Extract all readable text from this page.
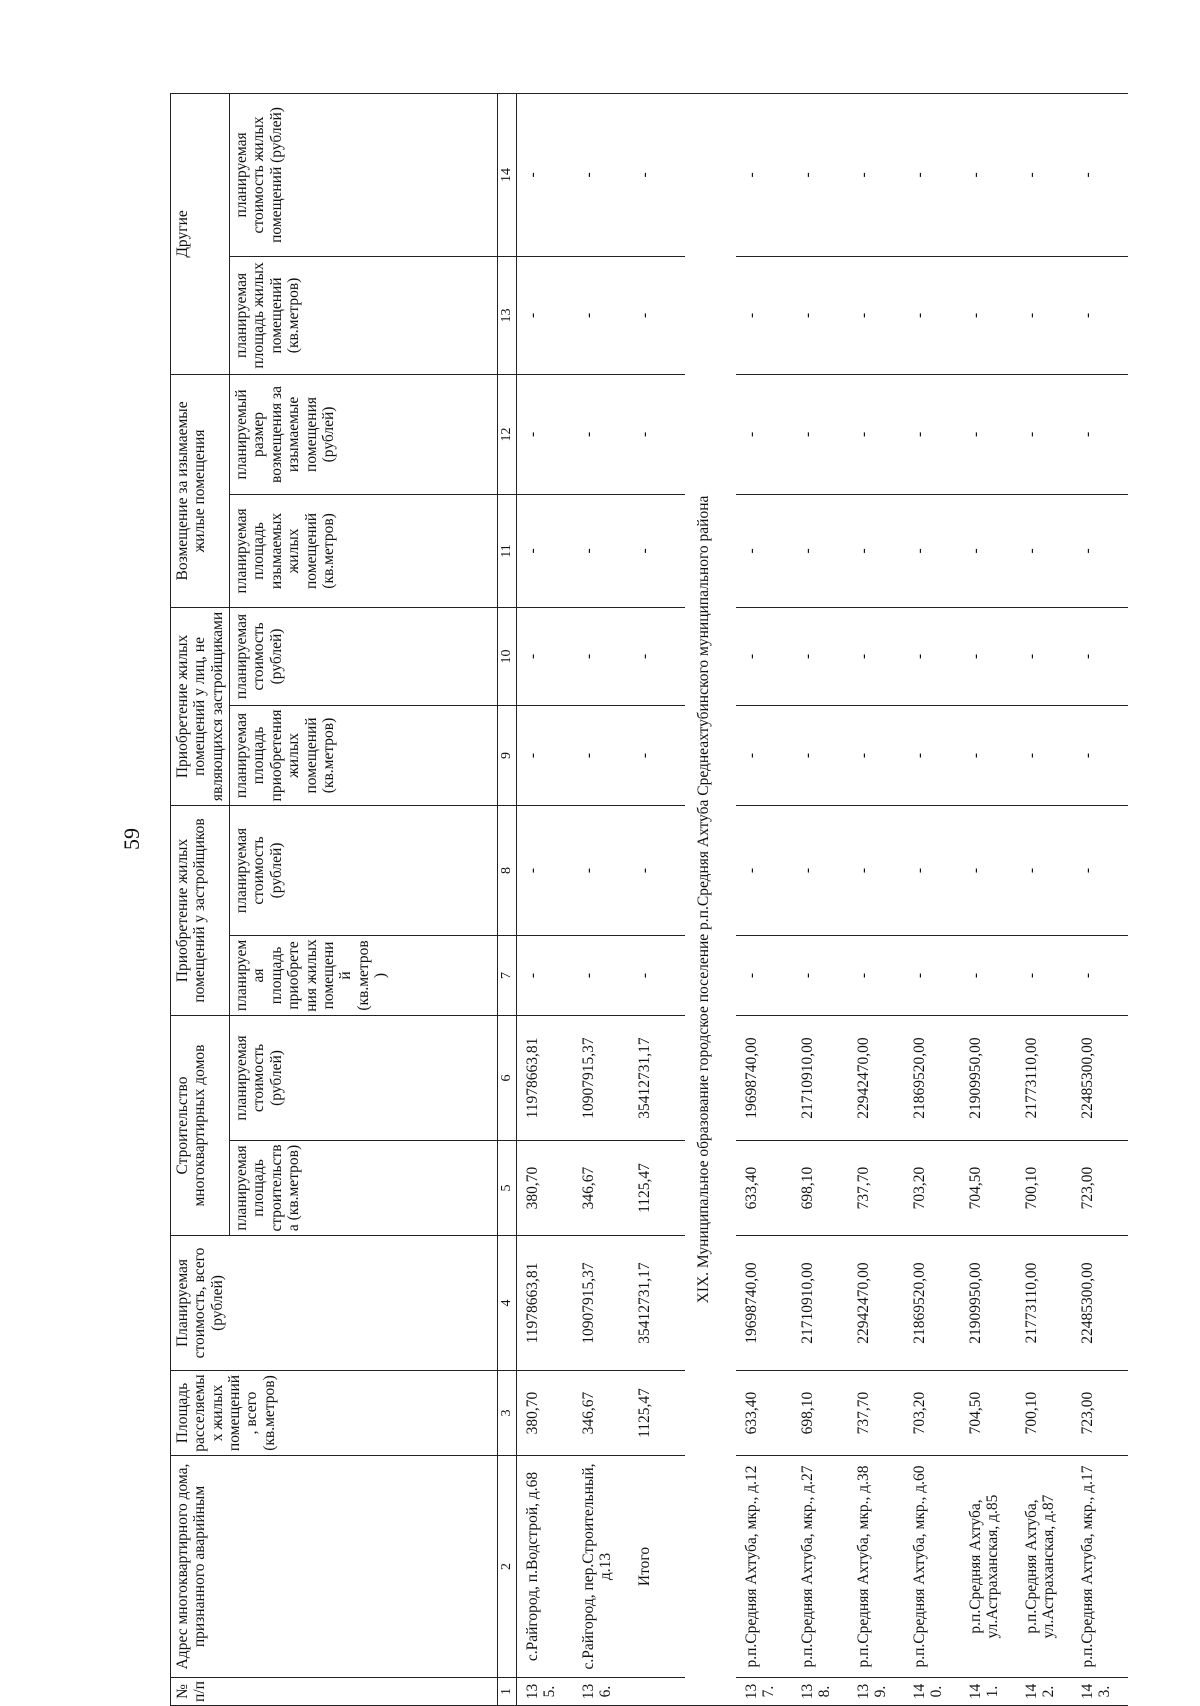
59
№ п/п	Адрес многоквартирного дома, признанного аварийным	Площадь расселяемых жилых помещений, всего (кв.метров)	Планируемая стоимость, всего (рублей)	Строительство многоквартирных домов		Приобретение жилых помещений у застройщиков		Приобретение жилых помещений у лиц, не являющихся застройщиками		Возмещение за изымаемые жилые помещения		Другие	
				планируемая площадь строительства (кв.метров)	планируемая стоимость (рублей)	планируемая площадь приобретения жилых помещений (кв.метров)	планируемая стоимость (рублей)	планируемая площадь приобретения жилых помещений (кв.метров)	планируемая стоимость (рублей)	планируемая площадь изымаемых жилых помещений (кв.метров)	планируемый размер возмещения за изымаемые помещения (рублей)	планируемая площадь жилых помещений (кв.метров)	планируемая стоимость жилых помещений (рублей)
1	2	3	4	5	6	7	8	9	10	11	12	13	14
135.	с.Райгород, п.Водстрой, д.68	380,70	11978663,81	380,70	11978663,81	-	-	-	-	-	-	-	-
136.	с.Райгород, пер.Строительный, д.13	346,67	10907915,37	346,67	10907915,37	-	-	-	-	-	-	-	-
	Итого	1125,47	35412731,17	1125,47	35412731,17	-	-	-	-	-	-	-	-
XIX. Муниципальное образование городское поселение р.п.Средняя Ахтуба Среднеахтубинского муниципального района													
137.	р.п.Средняя Ахтуба, мкр., д.12	633,40	19698740,00	633,40	19698740,00	-	-	-	-	-	-	-	-
138.	р.п.Средняя Ахтуба, мкр., д.27	698,10	21710910,00	698,10	21710910,00	-	-	-	-	-	-	-	-
139.	р.п.Средняя Ахтуба, мкр., д.38	737,70	22942470,00	737,70	22942470,00	-	-	-	-	-	-	-	-
140.	р.п.Средняя Ахтуба, мкр., д.60	703,20	21869520,00	703,20	21869520,00	-	-	-	-	-	-	-	-
141.	р.п.Средняя Ахтуба, ул.Астраханская, д.85	704,50	21909950,00	704,50	21909950,00	-	-	-	-	-	-	-	-
142.	р.п.Средняя Ахтуба, ул.Астраханская, д.87	700,10	21773110,00	700,10	21773110,00	-	-	-	-	-	-	-	-
143.	р.п.Средняя Ахтуба, мкр., д.17	723,00	22485300,00	723,00	22485300,00	-	-	-	-	-	-	-	-
